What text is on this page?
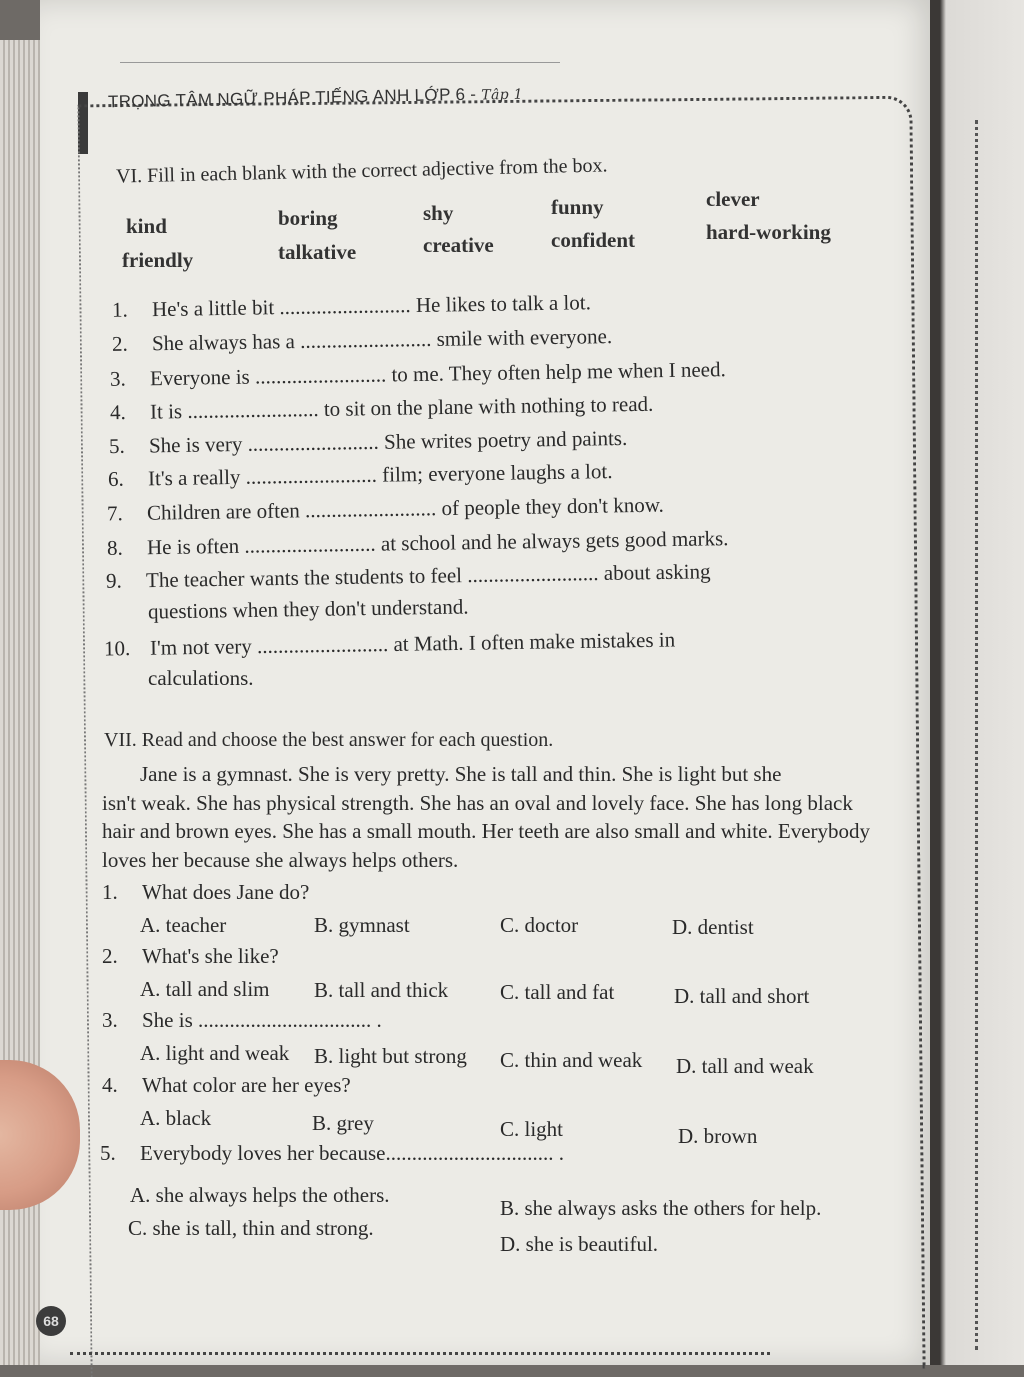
TRỌNG TÂM NGỮ PHÁP TIẾNG ANH LỚP 6 - Tập 1
VI. Fill in each blank with the correct adjective from the box.
kind	boring	shy	funny	clever
friendly	talkative	creative	confident	hard-working
1. He's a little bit ......................... He likes to talk a lot.
2. She always has a ......................... smile with everyone.
3. Everyone is ......................... to me. They often help me when I need.
4. It is ......................... to sit on the plane with nothing to read.
5. She is very ......................... She writes poetry and paints.
6. It's a really ......................... film; everyone laughs a lot.
7. Children are often ......................... of people they don't know.
8. He is often ......................... at school and he always gets good marks.
9. The teacher wants the students to feel ......................... about asking
questions when they don't understand.
10. I'm not very ......................... at Math. I often make mistakes in
calculations.
VII. Read and choose the best answer for each question.
Jane is a gymnast. She is very pretty. She is tall and thin. She is light but she
isn't weak. She has physical strength. She has an oval and lovely face. She has long black hair and brown eyes. She has a small mouth. Her teeth are also small and white. Everybody loves her because she always helps others.
1. What does Jane do?
A. teacher	B. gymnast	C. doctor	D. dentist
2. What's she like?
A. tall and slim B. tall and thick C. tall and fat	D. tall and short
3. She is ................................. .
A. light and weak B. light but strong C. thin and weak D. tall and weak
4. What color are her eyes?
A. black	B. grey	C. light	D. brown
5. Everybody loves her because................................ .
A. she always helps the others.
B. she always asks the others for help.
C. she is tall, thin and strong.
D. she is beautiful.
68
